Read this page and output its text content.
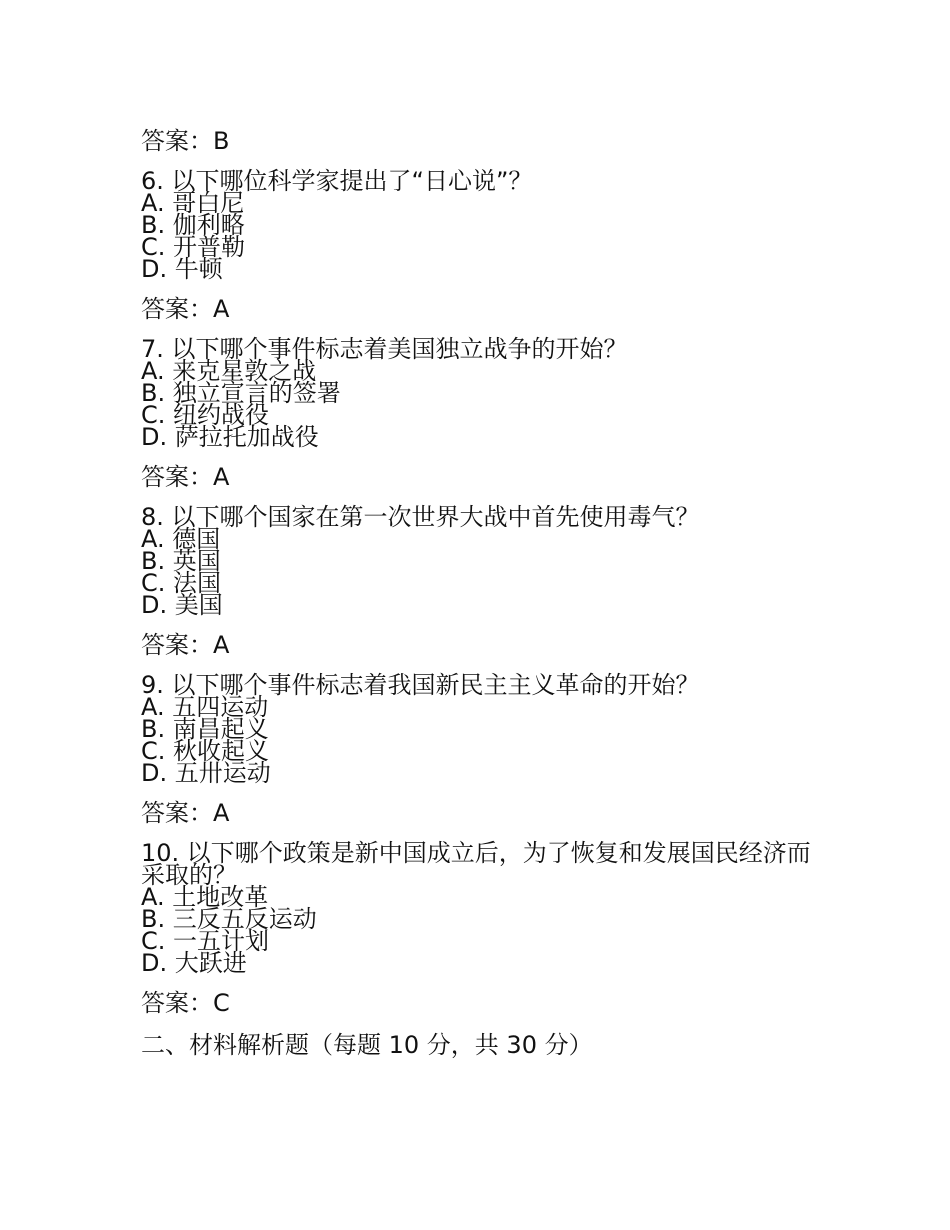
答案：B

6. 以下哪位科学家提出了“日心说”？

A. 哥白尼
B. 伽利略
C. 开普勒
D. 牛顿
答案：A

7. 以下哪个事件标志着美国独立战争的开始？

A. 来克星敦之战
B. 独立宣言的签署
C. 纽约战役
D. 萨拉托加战役
答案：A

8. 以下哪个国家在第一次世界大战中首先使用毒气？

A. 德国
B. 英国
C. 法国
D. 美国
答案：A

9. 以下哪个事件标志着我国新民主主义革命的开始？

A. 五四运动
B. 南昌起义
C. 秋收起义
D. 五卅运动
答案：A

10. 以下哪个政策是新中国成立后，为了恢复和发展国民经济而采取的？

A. 土地改革
B. 三反五反运动
C. 一五计划
D. 大跃进
答案：C
二、材料解析题（每题 10 分，共 30 分）
